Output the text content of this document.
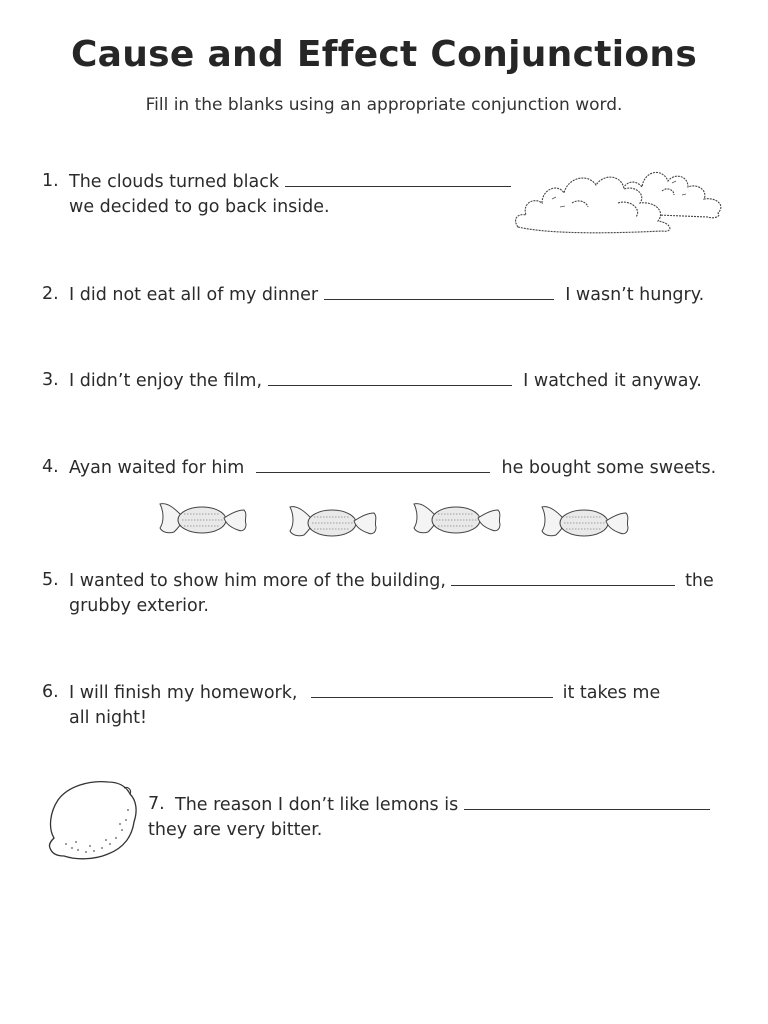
Cause and Effect Conjunctions
Fill in the blanks using an appropriate conjunction word.
1. The clouds turned black
we decided to go back inside.
2. I did not eat all of my dinner	I wasn’t hungry.
3. I didn’t enjoy the film,	I watched it anyway.
4. Ayan waited for him	he bought some sweets.
5. I wanted to show him more of the building,	the
grubby exterior.
6. I will finish my homework,	it takes me
all night!
7. The reason I don’t like lemons is
they are very bitter.
